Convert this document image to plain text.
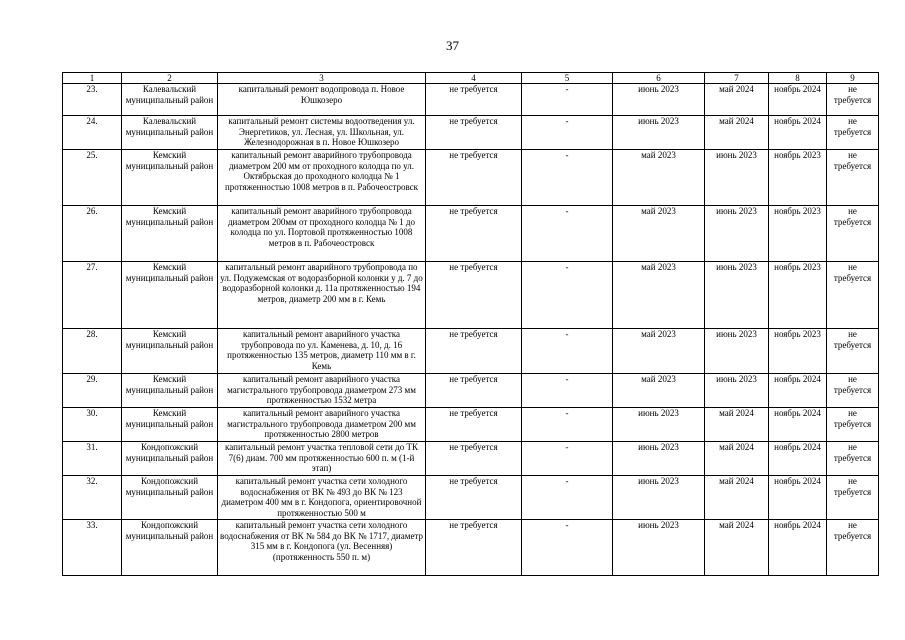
37
1	2	3	4	5	6	7	8	9
23.	Калевальский муниципальный район	капитальный ремонт водопровода п. Новое Юшкозеро	не требуется	-	июнь 2023	май 2024	ноябрь 2024	не требуется
24.	Калевальский муниципальный район	капитальный ремонт системы водоотведения ул. Энергетиков, ул. Лесная, ул. Школьная, ул. Железнодорожная в п. Новое Юшкозеро	не требуется	-	июнь 2023	май 2024	ноябрь 2024	не требуется
25.	Кемский муниципальный район	капитальный ремонт аварийного трубопровода диаметром 200 мм от проходного колодца по ул. Октябрьская до проходного колодца № 1 протяженностью 1008 метров в п. Рабочеостровск	не требуется	-	май 2023	июнь 2023	ноябрь 2023	не требуется
26.	Кемский муниципальный район	капитальный ремонт аварийного трубопровода диаметром 200мм от проходного колодца № 1 до колодца по ул. Портовой протяженностью 1008 метров в п. Рабочеостровск	не требуется	-	май 2023	июнь 2023	ноябрь 2023	не требуется
27.	Кемский муниципальный район	капитальный ремонт аварийного трубопровода по ул. Подужемская от водоразборной колонки у д. 7 до водоразборной колонки д. 11а протяженностью 194 метров, диаметр 200 мм в г. Кемь	не требуется	-	май 2023	июнь 2023	ноябрь 2023	не требуется
28.	Кемский муниципальный район	капитальный ремонт аварийного участка трубопровода по ул. Каменева, д. 10, д. 16 протяженностью 135 метров, диаметр 110 мм в г. Кемь	не требуется	-	май 2023	июнь 2023	ноябрь 2023	не требуется
29.	Кемский муниципальный район	капитальный ремонт аварийного участка магистрального трубопровода диаметром 273 мм протяженностью 1532 метра	не требуется	-	май 2023	июнь 2023	ноябрь 2024	не требуется
30.	Кемский муниципальный район	капитальный ремонт аварийного участка магистрального трубопровода диаметром 200 мм протяженностью 2800 метров	не требуется	-	июнь 2023	май 2024	ноябрь 2024	не требуется
31.	Кондопожский муниципальный район	капитальный ремонт участка тепловой сети до ТК 7(6) диам. 700 мм протяженностью 600 п. м (1-й этап)	не требуется	-	июнь 2023	май 2024	ноябрь 2024	не требуется
32.	Кондопожский муниципальный район	капитальный ремонт участка сети холодного водоснабжения от ВК № 493 до ВК № 123 диаметром 400 мм в г. Кондопога, ориентировочной протяженностью 500 м	не требуется	-	июнь 2023	май 2024	ноябрь 2024	не требуется
33.	Кондопожский муниципальный район	капитальный ремонт участка сети холодного водоснабжения от ВК № 584 до ВК № 1717, диаметр 315 мм в г. Кондопога (ул. Весенняя) (протяженность 550 п. м)	не требуется	-	июнь 2023	май 2024	ноябрь 2024	не требуется
